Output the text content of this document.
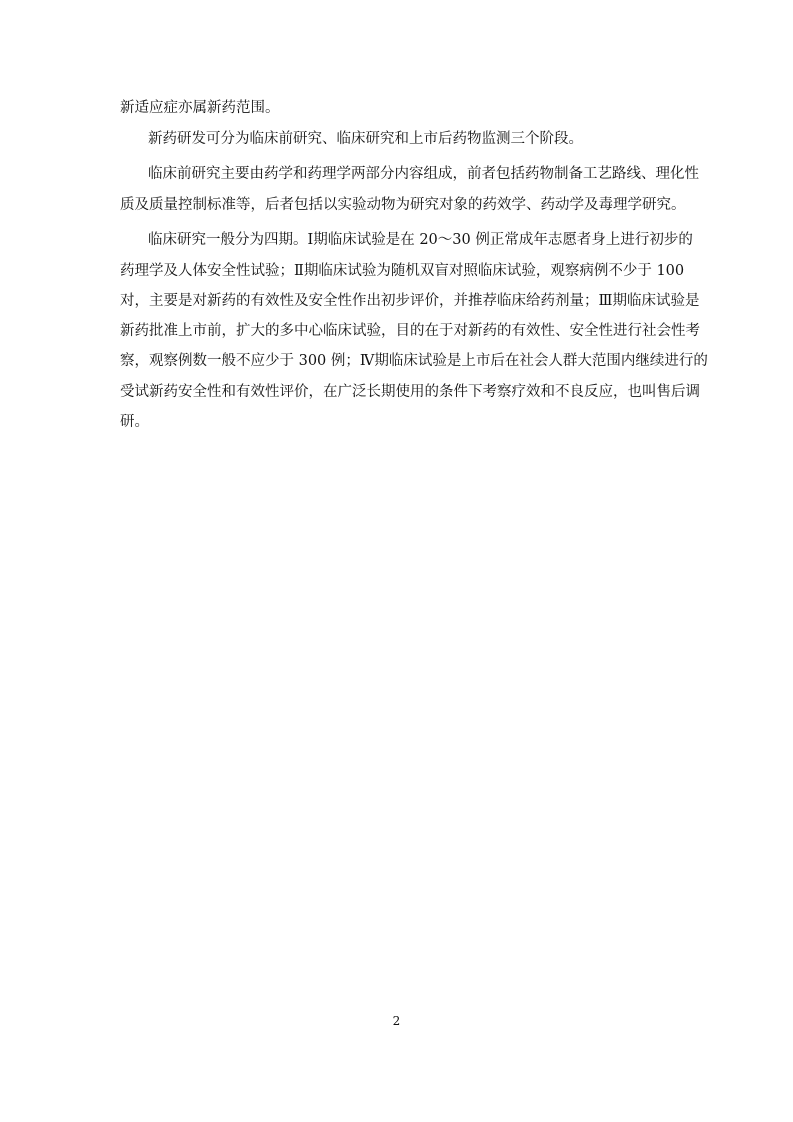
新适应症亦属新药范围。
新药研发可分为临床前研究、临床研究和上市后药物监测三个阶段。
临床前研究主要由药学和药理学两部分内容组成，前者包括药物制备工艺路线、理化性
质及质量控制标准等，后者包括以实验动物为研究对象的药效学、药动学及毒理学研究。
临床研究一般分为四期。Ⅰ期临床试验是在 20～30 例正常成年志愿者身上进行初步的
药理学及人体安全性试验；Ⅱ期临床试验为随机双盲对照临床试验，观察病例不少于 100
对，主要是对新药的有效性及安全性作出初步评价，并推荐临床给药剂量；Ⅲ期临床试验是
新药批准上市前，扩大的多中心临床试验，目的在于对新药的有效性、安全性进行社会性考
察，观察例数一般不应少于 300 例；Ⅳ期临床试验是上市后在社会人群大范围内继续进行的
受试新药安全性和有效性评价，在广泛长期使用的条件下考察疗效和不良反应，也叫售后调
研。
2
